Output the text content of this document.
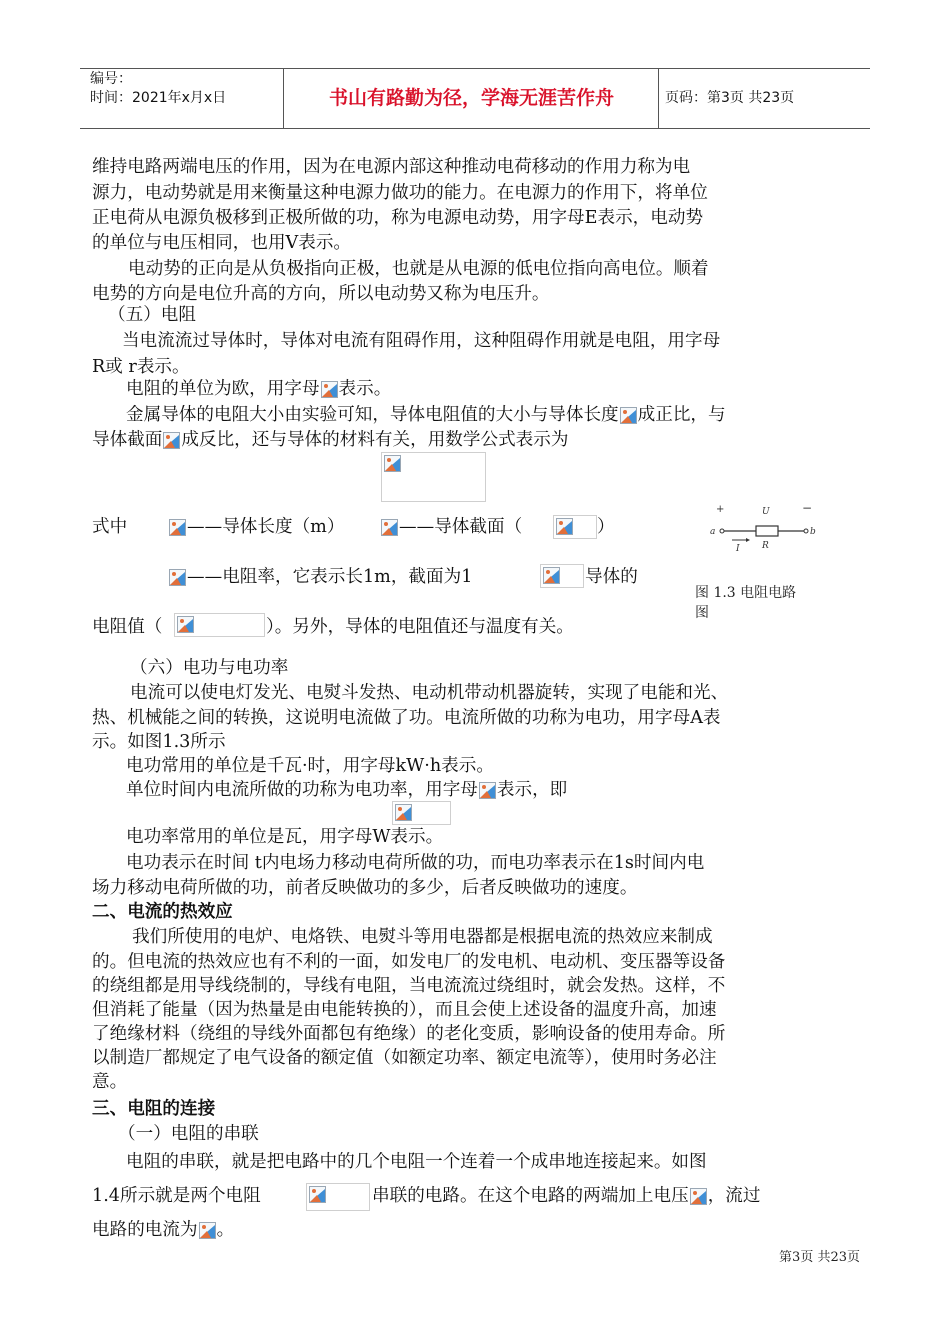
编号：
时间：2021年x月x日	书山有路勤为径，学海无涯苦作舟	页码：第3页 共23页
维持电路两端电压的作用，因为在电源内部这种推动电荷移动的作用力称为电
源力，电动势就是用来衡量这种电源力做功的能力。在电源力的作用下，将单位
正电荷从电源负极移到正极所做的功，称为电源电动势，用字母E表示，电动势
的单位与电压相同，也用V表示。
电动势的正向是从负极指向正极，也就是从电源的低电位指向高电位。顺着
电势的方向是电位升高的方向，所以电动势又称为电压升。
（五）电阻
当电流流过导体时，导体对电流有阻碍作用，这种阻碍作用就是电阻，用字母
R或 r表示。
电阻的单位为欧，用字母 表示。
金属导体的电阻大小由实验可知，导体电阻值的大小与导体长度 成正比，与
导体截面 成反比，还与导体的材料有关，用数学公式表示为
式中	——导体长度（m）	——导体截面（	）
——电阻率，它表示长1m，截面为1	导体的
电阻值（	）。另外，导体的电阻值还与温度有关。
+	−
U
a	b
I R
图 1.3 电阻电路
图
（六）电功与电功率
电流可以使电灯发光、电熨斗发热、电动机带动机器旋转，实现了电能和光、
热、机械能之间的转换，这说明电流做了功。电流所做的功称为电功，用字母A表
示。如图1.3所示
电功常用的单位是千瓦·时，用字母kW·h表示。
单位时间内电流所做的功称为电功率，用字母 表示，即
电功率常用的单位是瓦，用字母W表示。
电功表示在时间 t内电场力移动电荷所做的功，而电功率表示在1s时间内电
场力移动电荷所做的功，前者反映做功的多少，后者反映做功的速度。
二、电流的热效应
我们所使用的电炉、电烙铁、电熨斗等用电器都是根据电流的热效应来制成
的。但电流的热效应也有不利的一面，如发电厂的发电机、电动机、变压器等设备
的绕组都是用导线绕制的，导线有电阻，当电流流过绕组时，就会发热。这样，不
但消耗了能量（因为热量是由电能转换的），而且会使上述设备的温度升高，加速
了绝缘材料（绕组的导线外面都包有绝缘）的老化变质，影响设备的使用寿命。所
以制造厂都规定了电气设备的额定值（如额定功率、额定电流等），使用时务必注
意。
三、电阻的连接
（一）电阻的串联
电阻的串联，就是把电路中的几个电阻一个连着一个成串地连接起来。如图
1.4所示就是两个电阻	串联的电路。在这个电路的两端加上电压 ，流过
电路的电流为 。
第3页 共23页
